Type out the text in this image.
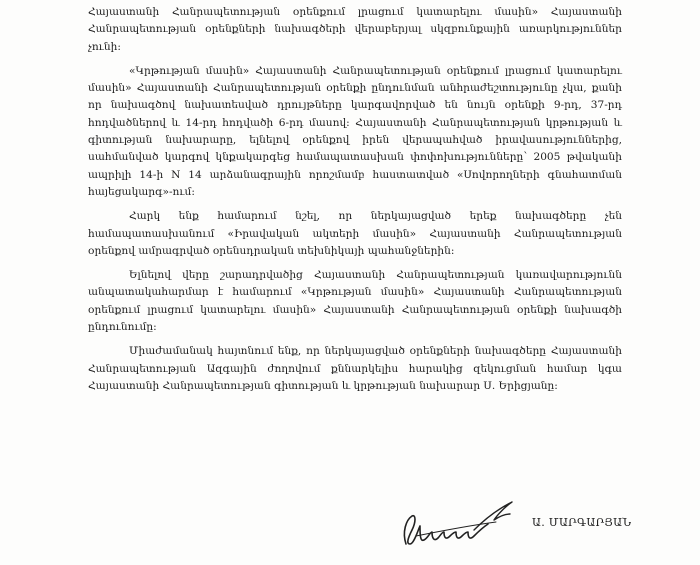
Հայաստանի Հանրապետության օրենքում լրացում կատարելու մասին» Հայաստանի Հանրապետության օրենքների նախագծերի վերաբերյալ սկզբունքային առարկություններ չունի:

«Կրթության մասին» Հայաստանի Հանրապետության օրենքում լրացում կատարելու մասին» Հայաստանի Հանրապետության օրենքի ընդունման անհրաժեշտությունը չկա, քանի որ նախագծով նախատեսված դրույթները կարգավորված են նույն օրենքի 9-րդ, 37-րդ հոդվածներով և 14-րդ հոդվածի 6-րդ մասով: Հայաստանի Հանրապետության կրթության և գիտության նախարարը, ելնելով օրենքով իրեն վերապահված իրավասություններից, սահմանված կարգով կնքակարգեց համապատասխան փոփոխությունները՝ 2005 թվականի ապրիլի 14-ի N 14 արձանագրային որոշմամբ հաստատված «Սովորողների գնահատման հայեցակարգ»-ում:

Հարկ ենք համարում նշել, որ ներկայացված երեք նախագծերը չեն համապատասխանում «Իրավական ակտերի մասին» Հայաստանի Հանրապետության օրենքով ամրագրված օրենսդրական տեխնիկայի պահանջներին:

Ելնելով վերը շարադրվածից Հայաստանի Հանրապետության կառավարությունն անպատակահարմար է համարում «Կրթության մասին» Հայաստանի Հանրապետության օրենքում լրացում կատարելու մասին» Հայաստանի Հանրապետության օրենքի նախագծի ընդունումը:

Միաժամանակ հայտնում ենք, որ ներկայացված օրենքների նախագծերը Հայաստանի Հանրապետության Ազգային ժողովում քննարկելիս հարակից զեկուցման համար կգա Հայաստանի Հանրապետության գիտության և կրթության նախարար Ս. Երիցյանը:

Ա. ՄԱՐԳԱՐՅԱՆ
